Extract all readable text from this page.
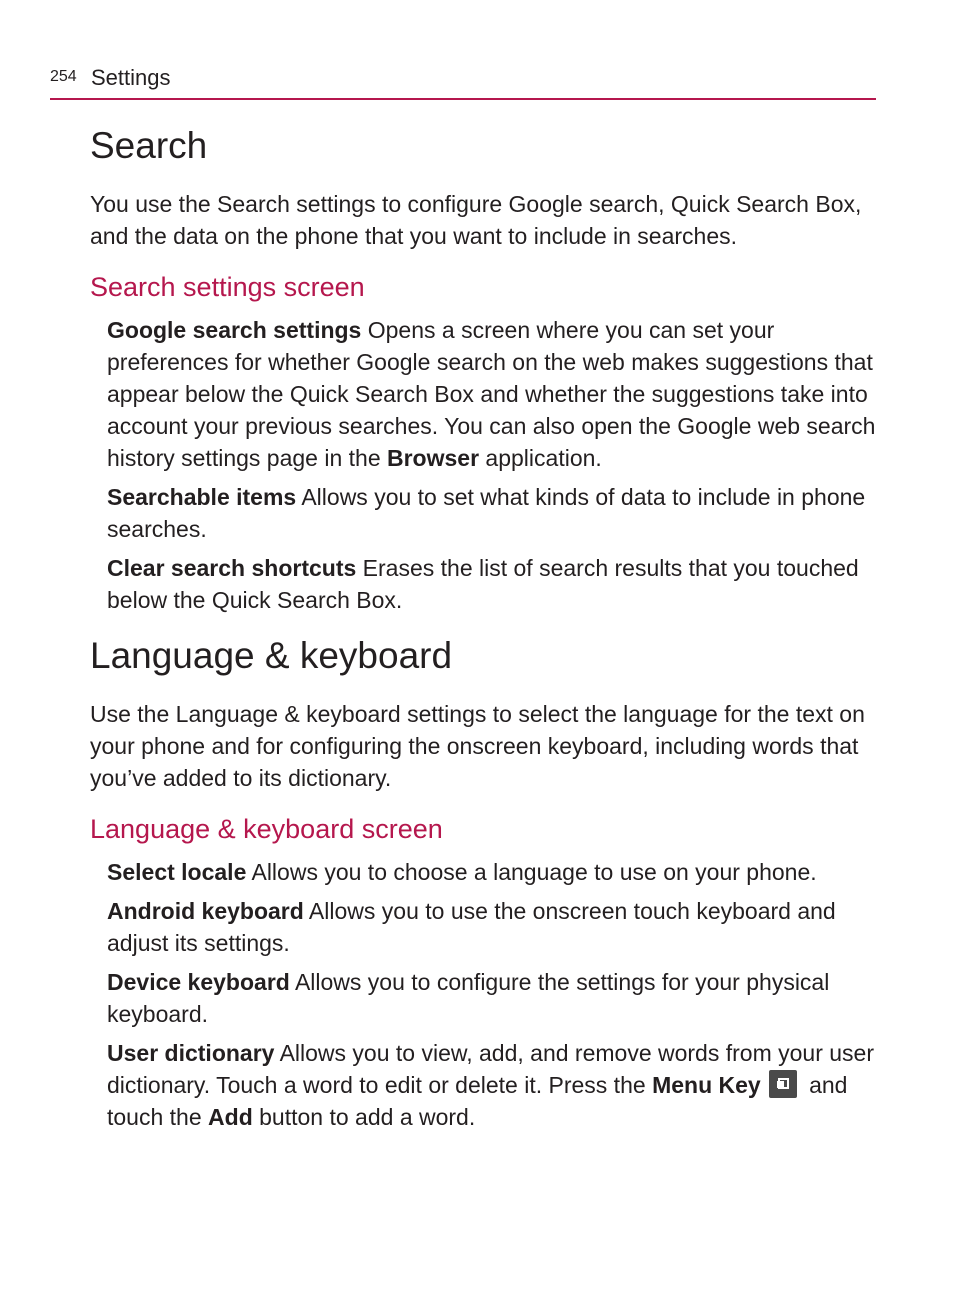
254 Settings
Search

You use the Search settings to configure Google search, Quick Search Box, and the data on the phone that you want to include in searches.

Search settings screen
Google search settings Opens a screen where you can set your preferences for whether Google search on the web makes suggestions that appear below the Quick Search Box and whether the suggestions take into account your previous searches. You can also open the Google web search history settings page in the Browser application.
Searchable items Allows you to set what kinds of data to include in phone searches.
Clear search shortcuts Erases the list of search results that you touched below the Quick Search Box.
Language & keyboard

Use the Language & keyboard settings to select the language for the text on your phone and for configuring the onscreen keyboard, including words that you’ve added to its dictionary.

Language & keyboard screen
Select locale Allows you to choose a language to use on your phone.
Android keyboard Allows you to use the onscreen touch keyboard and adjust its settings.
Device keyboard Allows you to configure the settings for your physical keyboard.
User dictionary Allows you to view, add, and remove words from your user dictionary. Touch a word to edit or delete it. Press the Menu Key
and touch the Add button to add a word.
